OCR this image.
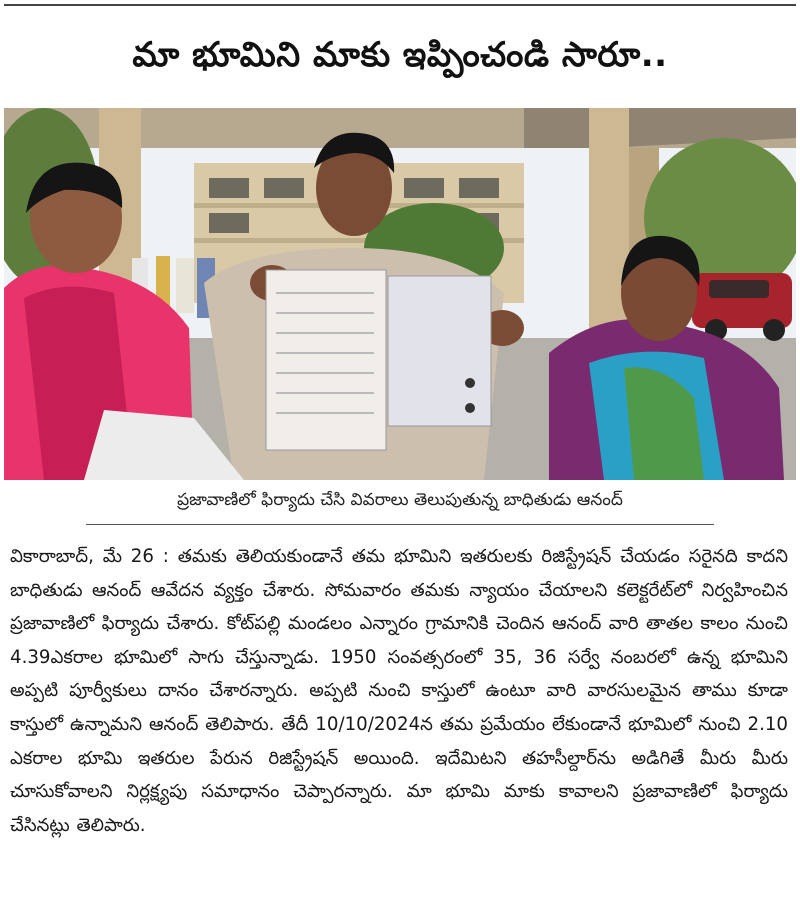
మా భూమిని మాకు ఇప్పించండి సారూ..
ప్రజావాణిలో ఫిర్యాదు చేసి వివరాలు తెలుపుతున్న బాధితుడు ఆనంద్‌
వికారాబాద్‌, మే 26 : తమకు తెలియకుండానే తమ భూమిని ఇతరులకు రిజిస్ట్రేషన్‌ చేయడం సరైనది కాదని బాధితుడు ఆనంద్‌ ఆవేదన వ్యక్తం చేశారు. సోమవారం తమకు న్యాయం చేయాలని కలెక్టరేట్‌లో నిర్వహించిన ప్రజావాణిలో ఫిర్యాదు చేశారు. కోట్‌పల్లి మండలం ఎన్నారం గ్రామానికి చెందిన ఆనంద్‌ వారి తాతల కాలం నుంచి 4.39ఎకరాల భూమిలో సాగు చేస్తున్నాడు. 1950 సంవత్సరంలో 35, 36 సర్వే నంబరలో ఉన్న భూమిని అప్పటి పూర్వీకులు దానం చేశారన్నారు. అప్పటి నుంచి కాస్తులో ఉంటూ వారి వారసులమైన తాము కూడా కాస్తులో ఉన్నామని ఆనంద్‌ తెలిపారు. తేదీ 10/10/2024న తమ ప్రమేయం లేకుండానే భూమిలో నుంచి 2.10 ఎకరాల భూమి ఇతరుల పేరున రిజిస్ట్రేషన్‌ అయింది. ఇదేమిటని తహసీల్దార్‌ను అడిగితే మీరు మీరు చూసుకోవాలని నిర్లక్ష్యపు సమాధానం చెప్పారన్నారు. మా భూమి మాకు కావాలని ప్రజావాణిలో ఫిర్యాదు చేసినట్లు తెలిపారు.
